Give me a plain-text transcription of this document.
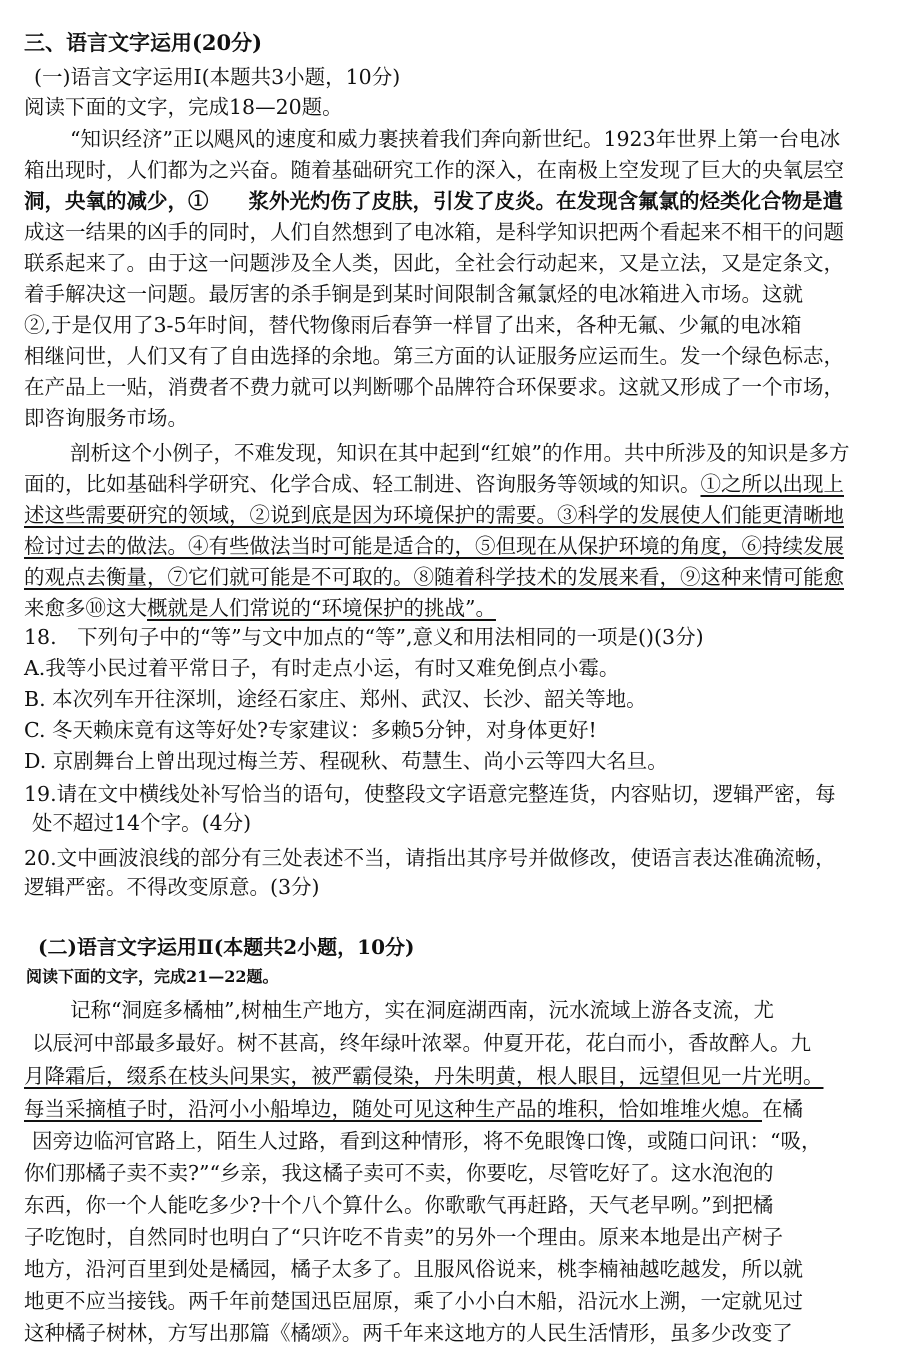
三、语言文字运用(20分)
(一)语言文字运用Ⅰ(本题共3小题，10分)
阅读下面的文字，完成18—20题。
“知识经济”正以飓风的速度和威力裹挟着我们奔向新世纪。1923年世界上第一台电冰
箱出现时，人们都为之兴奋。随着基础研究工作的深入，在南极上空发现了巨大的央氧层空
洞，央氧的减少，① 浆外光灼伤了皮肤，引发了皮炎。在发现含氟氯的烃类化合物是遣
成这一结果的凶手的同时，人们自然想到了电冰箱，是科学知识把两个看起来不相干的问题
联系起来了。由于这一问题涉及全人类，因此，全社会行动起来，又是立法，又是定条文，
着手解决这一问题。最厉害的杀手锏是到某时间限制含氟氯烃的电冰箱进入市场。这就
②,于是仅用了3-5年时间，替代物像雨后春笋一样冒了出来，各种无氟、少氟的电冰箱
相继问世，人们又有了自由选择的余地。第三方面的认证服务应运而生。发一个绿色标志，
在产品上一贴，消费者不费力就可以判断哪个品牌符合环保要求。这就又形成了一个市场，
即咨询服务市场。
剖析这个小例子，不难发现，知识在其中起到“红娘”的作用。共中所涉及的知识是多方
面的，比如基础科学研究、化学合成、轻工制进、咨询服务等领域的知识。①之所以出现上
述这些需要研究的领域，②说到底是因为环境保护的需要。③科学的发展使人们能更清晰地
检讨过去的做法。④有些做法当时可能是适合的，⑤但现在从保护环境的角度，⑥持续发展
的观点去衡量，⑦它们就可能是不可取的。⑧随着科学技术的发展来看，⑨这种来情可能愈
来愈多⑩这大概就是人们常说的“环境保护的挑战”。
18.　下列句子中的“等”与文中加点的“等”,意义和用法相同的一项是()(3分)
A.我等小民过着平常日子，有时走点小运，有时又难免倒点小霉。
B. 本次列车开往深圳，途经石家庄、郑州、武汉、长沙、韶关等地。
C. 冬天赖床竟有这等好处?专家建议：多赖5分钟，对身体更好!
D. 京剧舞台上曾出现过梅兰芳、程砚秋、苟慧生、尚小云等四大名旦。
19.请在文中横线处补写恰当的语句，使整段文字语意完整连货，内容贴切，逻辑严密，每
处不超过14个字。(4分)
20.文中画波浪线的部分有三处表述不当，请指出其序号并做修改，使语言表达准确流畅，
逻辑严密。不得改变原意。(3分)
(二)语言文字运用Ⅱ(本题共2小题，10分)
阅读下面的文字，完成21—22题。
记称“洞庭多橘柚”,树柚生产地方，实在洞庭湖西南，沅水流域上游各支流，尤
以辰河中部最多最好。树不甚高，终年绿叶浓翠。仲夏开花，花白而小，香故醉人。九
月降霜后，缀系在枝头问果实，被严霸侵染，丹朱明黄，根人眼目，远望但见一片光明。
每当采摘植子时，沿河小小船埠边，随处可见这种生产品的堆积，恰如堆堆火熄。在橘
因旁边临河官路上，陌生人过路，看到这种情形，将不免眼馋口馋，或随口问讯：“吸，
你们那橘子卖不卖?”“乡亲，我这橘子卖可不卖，你要吃，尽管吃好了。这水泡泡的
东西，你一个人能吃多少?十个八个算什么。你歌歌气再赶路，天气老早咧。”到把橘
子吃饱时，自然同时也明白了“只许吃不肯卖”的另外一个理由。原来本地是出产树子
地方，沿河百里到处是橘园，橘子太多了。且服风俗说来，桃李楠袖越吃越发，所以就
地更不应当接钱。两千年前楚国迅臣屈原，乘了小小白木船，沿沅水上溯，一定就见过
这种橘子树林，方写出那篇《橘颂》。两千年来这地方的人民生活情形，虽多少改变了
